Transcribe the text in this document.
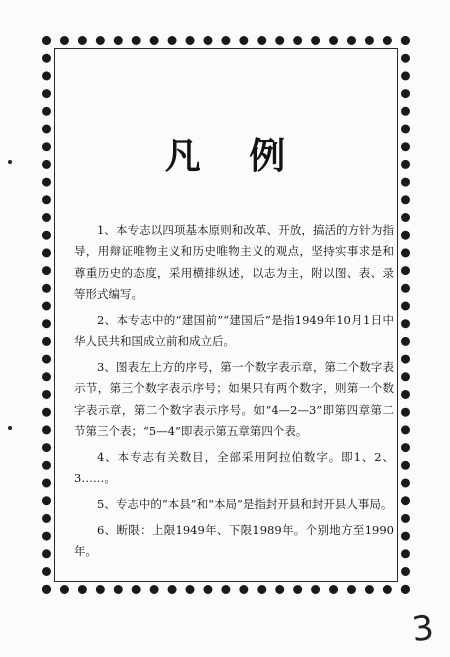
凡 例

1、本专志以四项基本原则和改革、开放，搞活的方针为指导，用辩证唯物主义和历史唯物主义的观点，坚持实事求是和尊重历史的态度，采用横排纵述，以志为主，附以图、表、录等形式编写。

2、本专志中的“建国前”“建国后”是指1949年10月1日中华人民共和国成立前和成立后。

3、图表左上方的序号，第一个数字表示章，第二个数字表示节，第三个数字表示序号；如果只有两个数字，则第一个数字表示章，第二个数字表示序号。如“4—2—3”即第四章第二节第三个表；“5—4”即表示第五章第四个表。

4、本专志有关数目，全部采用阿拉伯数字。即1、2、3……。

5、专志中的“本县”和“本局”是指封开县和封开县人事局。

6、断限：上限1949年、下限1989年。个别地方至1990年。

3
